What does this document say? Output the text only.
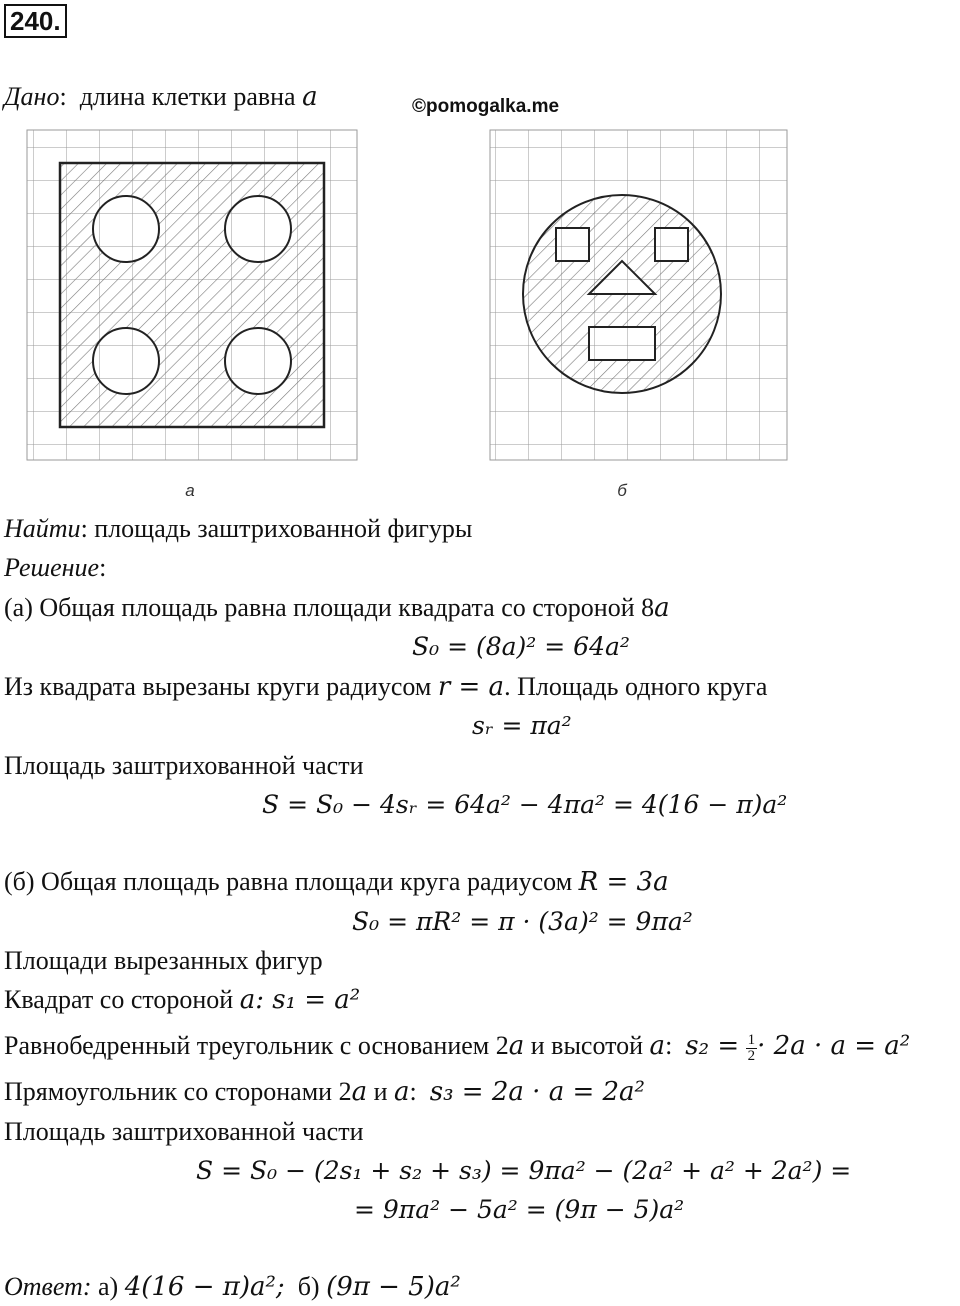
240.
Дано:  длина клетки равна a	©pomogalka.me
а	б
Найти: площадь заштрихованной фигуры
Решение:
(а) Общая площадь равна площади квадрата со стороной 8a
S₀ = (8a)² = 64a²
Из квадрата вырезаны круги радиусом r = a. Площадь одного круга
sᵣ = πa²
Площадь заштрихованной части
S = S₀ − 4sᵣ = 64a² − 4πa² = 4(16 − π)a²
(б) Общая площадь равна площади круга радиусом R = 3a
S₀ = πR² = π · (3a)² = 9πa²
Площади вырезанных фигур
Квадрат со стороной a: s₁ = a²
Равнобедренный треугольник с основанием 2a и высотой a:  $s_2 = \frac{1}{2} \cdot 2a \cdot a = a^2$
Прямоугольник со сторонами 2a и a:  s₃ = 2a · a = 2a²
Площадь заштрихованной части
S = S₀ − (2s₁ + s₂ + s₃) = 9πa² − (2a² + a² + 2a²) =
= 9πa² − 5a² = (9π − 5)a²
Ответ: а) 4(16 − π)a²; б) (9π − 5)a²
